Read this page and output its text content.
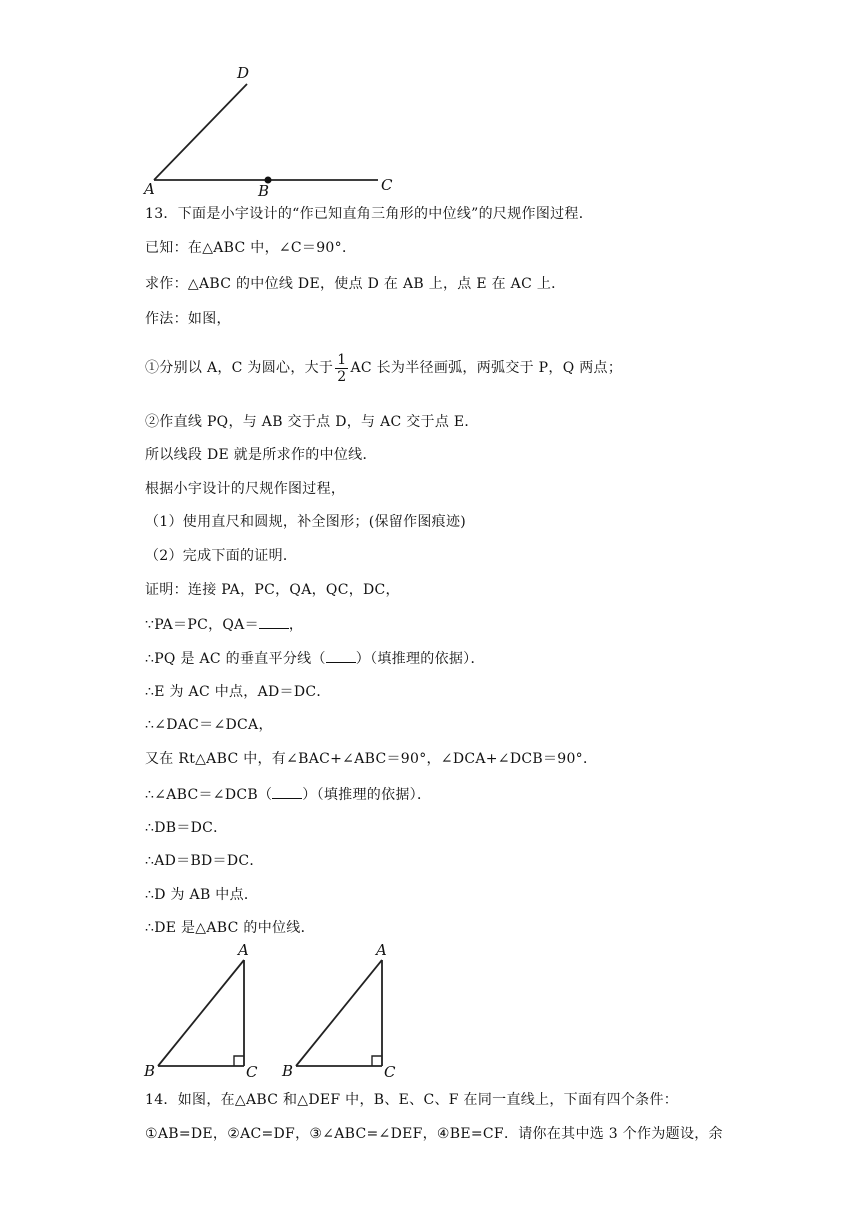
D
A	B	C
13．下面是小宇设计的“作已知直角三角形的中位线”的尺规作图过程．
已知：在△ABC 中，∠C＝90°．
求作：△ABC 的中位线 DE，使点 D 在 AB 上，点 E 在 AC 上．
作法：如图，
①分别以 A，C 为圆心，大于 $\frac{1}{2}$ AC 长为半径画弧，两弧交于 P，Q 两点；
②作直线 PQ，与 AB 交于点 D，与 AC 交于点 E．
所以线段 DE 就是所求作的中位线．
根据小宇设计的尺规作图过程，
（1）使用直尺和圆规，补全图形；(保留作图痕迹)
（2）完成下面的证明．
证明：连接 PA，PC，QA，QC，DC，
∵PA＝PC，QA＝ ，
∴PQ 是 AC 的垂直平分线（ ）（填推理的依据）．
∴E 为 AC 中点，AD＝DC．
∴∠DAC＝∠DCA，
又在 Rt△ABC 中，有∠BAC+∠ABC＝90°，∠DCA+∠DCB＝90°．
∴∠ABC＝∠DCB（ ）（填推理的依据）．
∴DB＝DC．
∴AD＝BD＝DC．
∴D 为 AB 中点．
∴DE 是△ABC 的中位线．
A
B	C
A
B	C
14．如图，在△ABC 和△DEF 中，B、E、C、F 在同一直线上，下面有四个条件：
①AB=DE，②AC=DF，③∠ABC=∠DEF，④BE=CF．请你在其中选 3 个作为题设，余
